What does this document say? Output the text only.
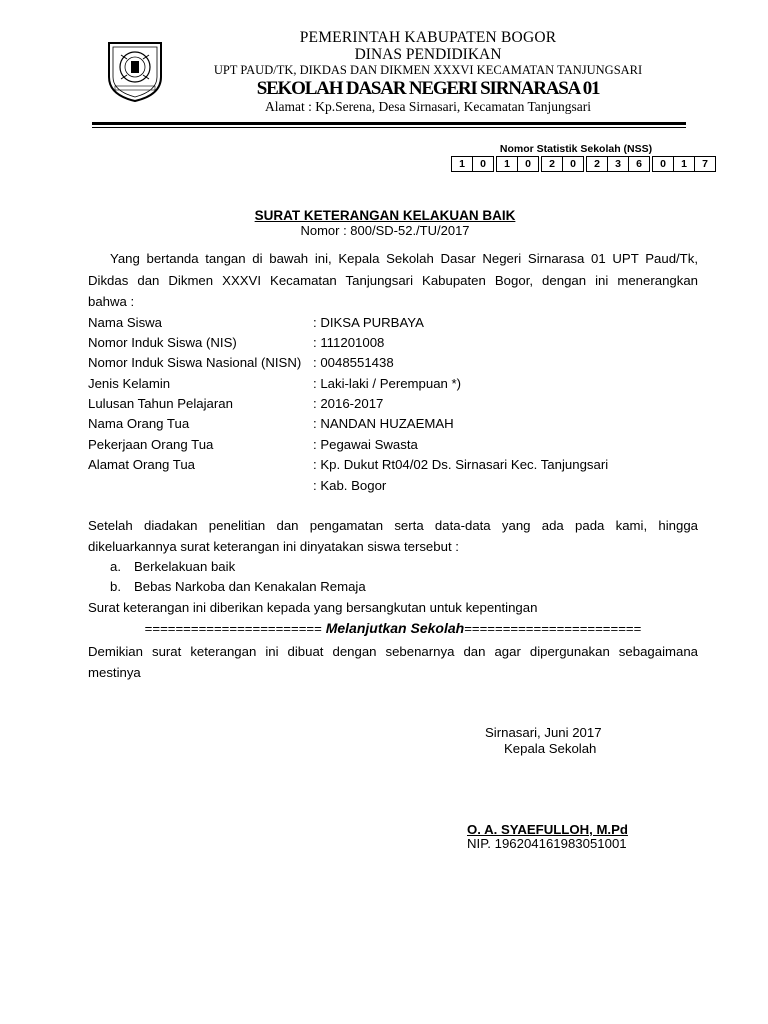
PEMERINTAH KABUPATEN BOGOR
DINAS PENDIDIKAN
UPT PAUD/TK, DIKDAS DAN DIKMEN XXXVI KECAMATAN TANJUNGSARI
SEKOLAH DASAR NEGERI SIRNARASA 01
Alamat : Kp.Serena, Desa Sirnasari, Kecamatan Tanjungsari
Nomor Statistik Sekolah (NSS)
1	0	1	0	2	0	2	3	6	0	1	7
SURAT KETERANGAN KELAKUAN BAIK
Nomor : 800/SD-52./TU/2017
Yang bertanda tangan di bawah ini, Kepala Sekolah Dasar Negeri Sirnarasa 01 UPT Paud/Tk,
Dikdas dan Dikmen XXXVI Kecamatan Tanjungsari Kabupaten Bogor, dengan ini menerangkan
bahwa :
Nama Siswa	: DIKSA PURBAYA
Nomor Induk Siswa (NIS)	: 111201008
Nomor Induk Siswa Nasional (NISN) : 0048551438
Jenis Kelamin	: Laki-laki / Perempuan *)
Lulusan Tahun Pelajaran	: 2016-2017
Nama Orang Tua	: NANDAN HUZAEMAH
Pekerjaan Orang Tua	: Pegawai Swasta
Alamat Orang Tua	: Kp. Dukut Rt04/02 Ds. Sirnasari Kec. Tanjungsari
: Kab. Bogor
Setelah diadakan penelitian dan pengamatan serta data-data yang ada pada kami, hingga
dikeluarkannya surat keterangan ini dinyatakan siswa tersebut :
a. Berkelakuan baik
b. Bebas Narkoba dan Kenakalan Remaja
Surat keterangan ini diberikan kepada yang bersangkutan untuk kepentingan
======================= Melanjutkan Sekolah=======================
Demikian surat keterangan ini dibuat dengan sebenarnya dan agar dipergunakan sebagaimana
mestinya
Sirnasari, Juni 2017
Kepala Sekolah
O. A. SYAEFULLOH, M.Pd
NIP. 196204161983051001
